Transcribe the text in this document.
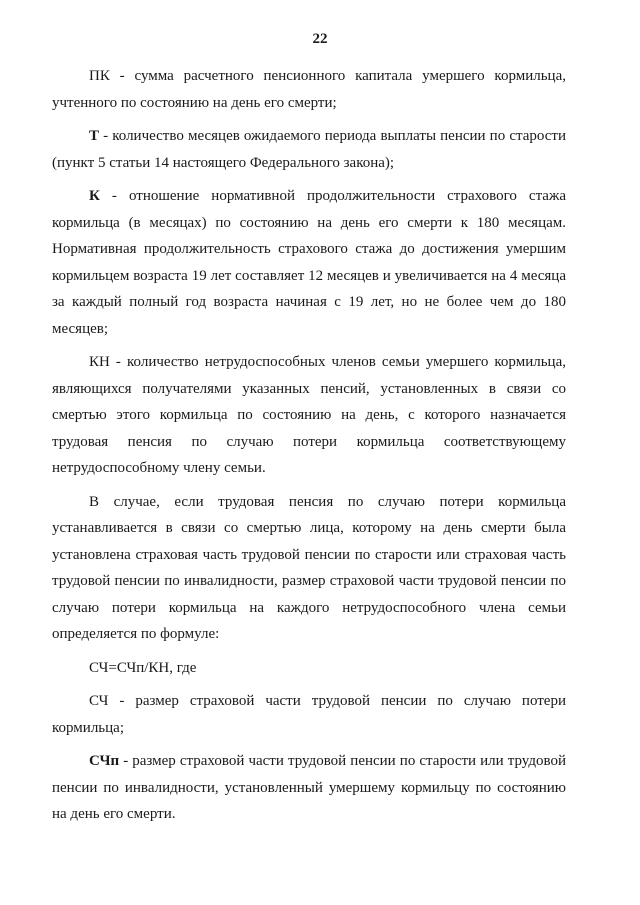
22

ПК - сумма расчетного пенсионного капитала умершего кормильца, учтенного по состоянию на день его смерти;

Т - количество месяцев ожидаемого периода выплаты пенсии по старости (пункт 5 статьи 14 настоящего Федерального закона);

К - отношение нормативной продолжительности страхового стажа кормильца (в месяцах) по состоянию на день его смерти к 180 месяцам. Нормативная продолжительность страхового стажа до достижения умершим кормильцем возраста 19 лет составляет 12 месяцев и увеличивается на 4 месяца за каждый полный год возраста начиная с 19 лет, но не более чем до 180 месяцев;

КН - количество нетрудоспособных членов семьи умершего кормильца, являющихся получателями указанных пенсий, установленных в связи со смертью этого кормильца по состоянию на день, с которого назначается трудовая пенсия по случаю потери кормильца соответствующему нетрудоспособному члену семьи.

В случае, если трудовая пенсия по случаю потери кормильца устанавливается в связи со смертью лица, которому на день смерти была установлена страховая часть трудовой пенсии по старости или страховая часть трудовой пенсии по инвалидности, размер страховой части трудовой пенсии по случаю потери кормильца на каждого нетрудоспособного члена семьи определяется по формуле:

СЧ=СЧп/КН, где

СЧ - размер страховой части трудовой пенсии по случаю потери кормильца;

СЧп - размер страховой части трудовой пенсии по старости или трудовой пенсии по инвалидности, установленный умершему кормильцу по состоянию на день его смерти.
